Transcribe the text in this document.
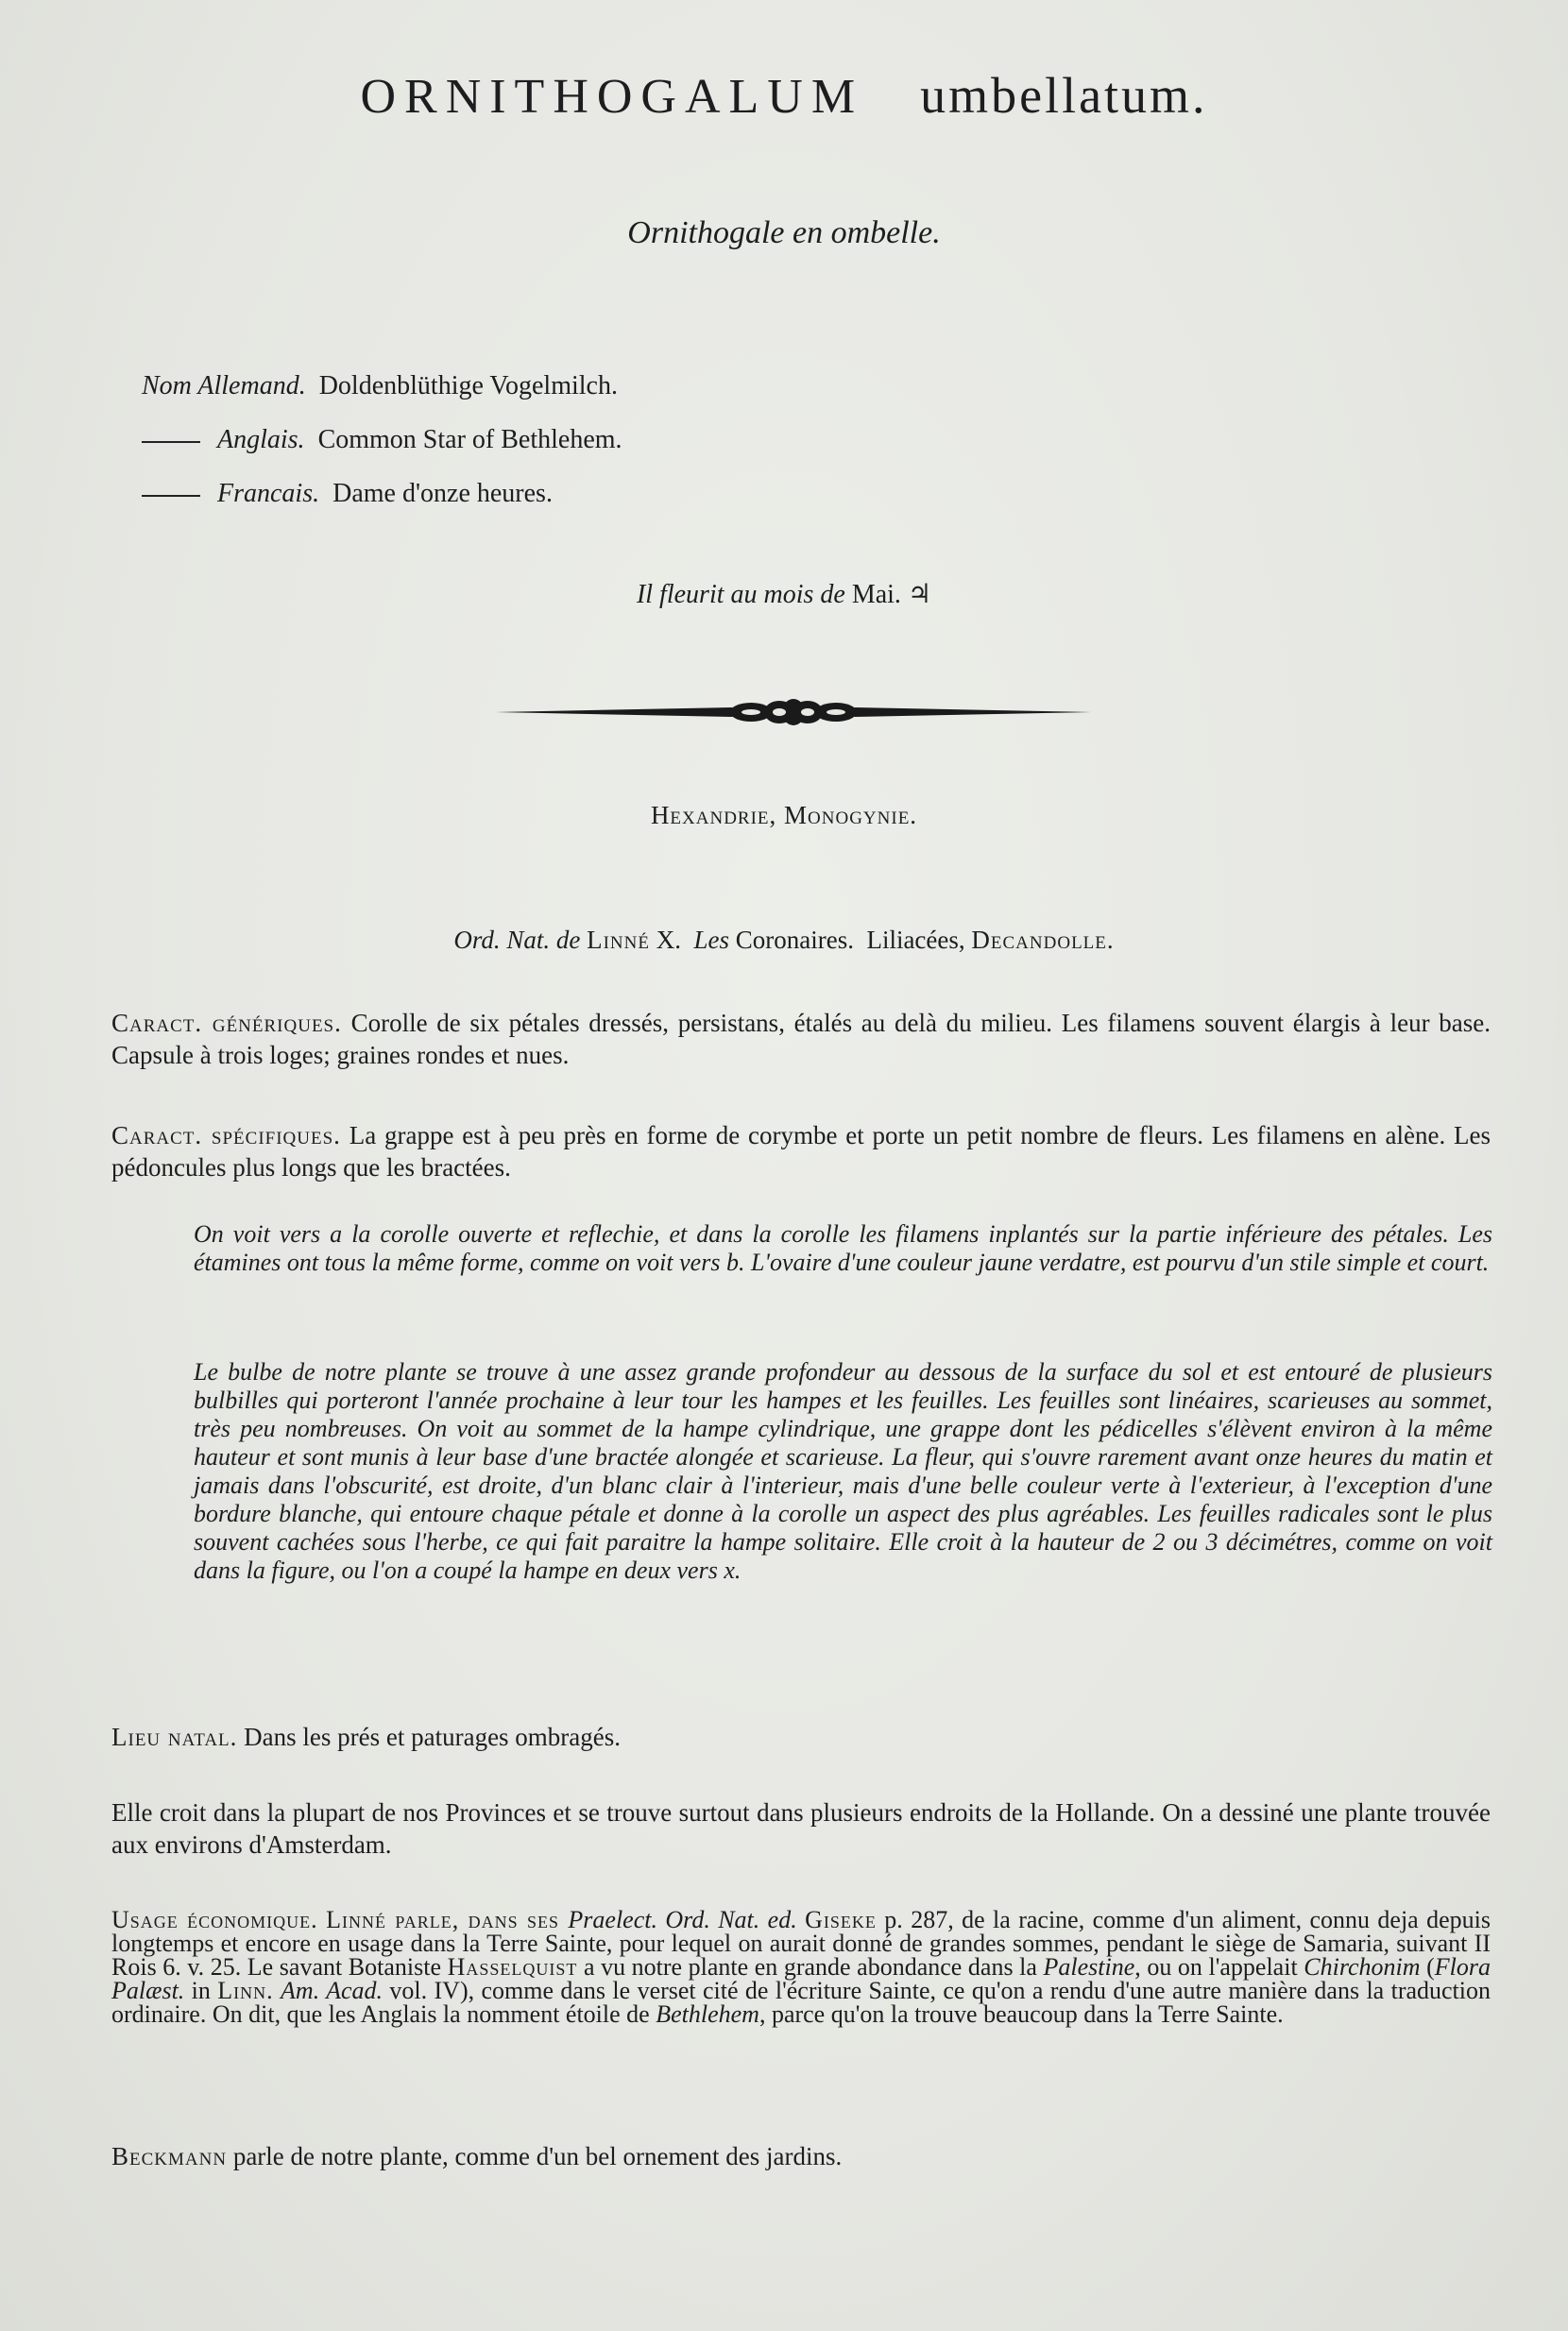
ORNITHOGALUM umbellatum.
Ornithogale en ombelle.
Nom Allemand. Doldenblüthige Vogelmilch.
Anglais. Common Star of Bethlehem.
Francais. Dame d'onze heures.
Il fleurit au mois de Mai. ♃
Hexandrie, Monogynie.
Ord. Nat. de Linné X. Les Coronaires. Liliacées, Decandolle.
Caract. génériques. Corolle de six pétales dressés, persistans, étalés au delà du milieu. Les filamens souvent élargis à leur base. Capsule à trois loges; graines rondes et nues.
Caract. spécifiques. La grappe est à peu près en forme de corymbe et porte un petit nombre de fleurs. Les filamens en alène. Les pédoncules plus longs que les bractées.
On voit vers a la corolle ouverte et reflechie, et dans la corolle les filamens inplantés sur la partie inférieure des pétales. Les étamines ont tous la même forme, comme on voit vers b. L'ovaire d'une couleur jaune verdatre, est pourvu d'un stile simple et court.
Le bulbe de notre plante se trouve à une assez grande profondeur au dessous de la surface du sol et est entouré de plusieurs bulbilles qui porteront l'année prochaine à leur tour les hampes et les feuilles. Les feuilles sont linéaires, scarieuses au sommet, très peu nombreuses. On voit au sommet de la hampe cylindrique, une grappe dont les pédicelles s'élèvent environ à la même hauteur et sont munis à leur base d'une bractée alongée et scarieuse. La fleur, qui s'ouvre rarement avant onze heures du matin et jamais dans l'obscurité, est droite, d'un blanc clair à l'interieur, mais d'une belle couleur verte à l'exterieur, à l'exception d'une bordure blanche, qui entoure chaque pétale et donne à la corolle un aspect des plus agréables. Les feuilles radicales sont le plus souvent cachées sous l'herbe, ce qui fait paraitre la hampe solitaire. Elle croit à la hauteur de 2 ou 3 décimétres, comme on voit dans la figure, ou l'on a coupé la hampe en deux vers x.
Lieu natal. Dans les prés et paturages ombragés.
Elle croit dans la plupart de nos Provinces et se trouve surtout dans plusieurs endroits de la Hollande. On a dessiné une plante trouvée aux environs d'Amsterdam.
Usage économique. Linné parle, dans ses Praelect. Ord. Nat. ed. Giseke p. 287, de la racine, comme d'un aliment, connu deja depuis longtemps et encore en usage dans la Terre Sainte, pour lequel on aurait donné de grandes sommes, pendant le siège de Samaria, suivant II Rois 6. v. 25. Le savant Botaniste Hasselquist a vu notre plante en grande abondance dans la Palestine, ou on l'appelait Chirchonim (Flora Palæst. in Linn. Am. Acad. vol. IV), comme dans le verset cité de l'écriture Sainte, ce qu'on a rendu d'une autre manière dans la traduction ordinaire. On dit, que les Anglais la nomment étoile de Bethlehem, parce qu'on la trouve beaucoup dans la Terre Sainte.
Beckmann parle de notre plante, comme d'un bel ornement des jardins.
